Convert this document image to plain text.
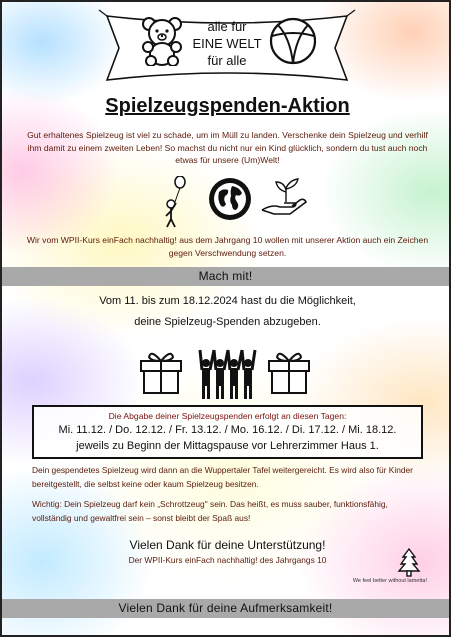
alle für
EINE WELT
für alle
Spielzeugspenden-Aktion
Gut erhaltenes Spielzeug ist viel zu schade, um im Müll zu landen. Verschenke dein Spielzeug und verhilf ihm damit zu einem zweiten Leben! So machst du nicht nur ein Kind glücklich, sondern du tust auch noch etwas für unsere (Um)Welt!
Wir vom WPII-Kurs einFach nachhaltig! aus dem Jahrgang 10 wollen mit unserer Aktion auch ein Zeichen gegen Verschwendung setzen.
Mach mit!
Vom 11. bis zum 18.12.2024 hast du die Möglichkeit,
deine Spielzeug-Spenden abzugeben.
Die Abgabe deiner Spielzeugspenden erfolgt an diesen Tagen:
Mi. 11.12. / Do. 12.12. / Fr. 13.12. / Mo. 16.12. / Di. 17.12. / Mi. 18.12.
jeweils zu Beginn der Mittagspause vor Lehrerzimmer Haus 1.
Dein gespendetes Spielzeug wird dann an die Wuppertaler Tafel weitergereicht. Es wird also für Kinder bereitgestellt, die selbst keine oder kaum Spielzeug besitzen.
Wichtig: Dein Spielzeug darf kein „Schrottzeug" sein. Das heißt, es muss sauber, funktionsfähig, vollständig und gewaltfrei sein – sonst bleibt der Spaß aus!
Vielen Dank für deine Unterstützung!
Der WPII-Kurs einFach nachhaltig! des Jahrgangs 10
We feel better without lametta!
Vielen Dank für deine Aufmerksamkeit!
